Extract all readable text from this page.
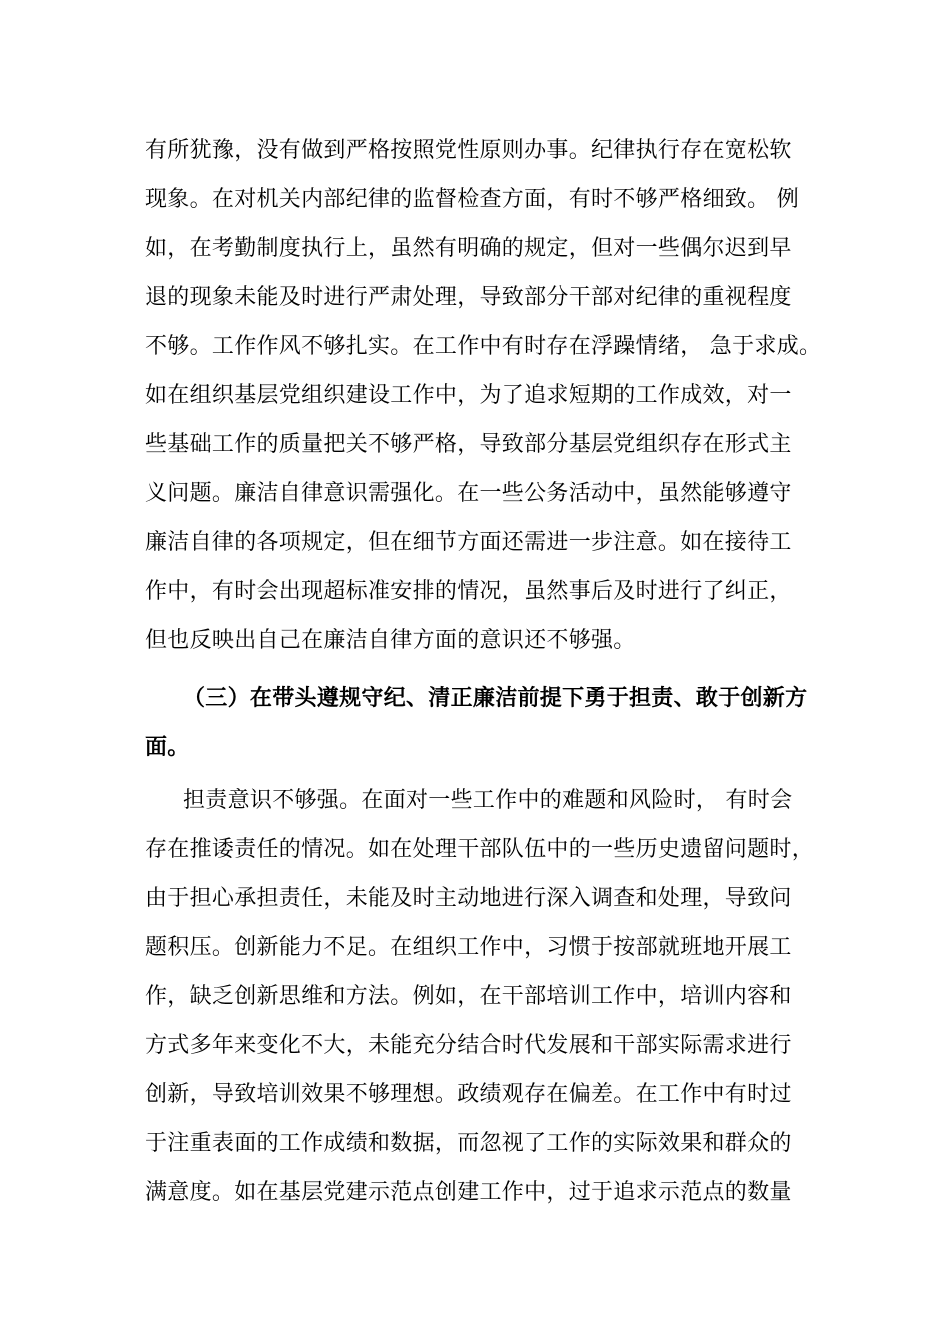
有所犹豫，没有做到严格按照党性原则办事。纪律执行存在宽松软
现象。在对机关内部纪律的监督检查方面，有时不够严格细致。 例
如，在考勤制度执行上，虽然有明确的规定，但对一些偶尔迟到早
退的现象未能及时进行严肃处理，导致部分干部对纪律的重视程度
不够。工作作风不够扎实。在工作中有时存在浮躁情绪， 急于求成。
如在组织基层党组织建设工作中，为了追求短期的工作成效，对一
些基础工作的质量把关不够严格，导致部分基层党组织存在形式主
义问题。廉洁自律意识需强化。在一些公务活动中，虽然能够遵守
廉洁自律的各项规定，但在细节方面还需进一步注意。如在接待工
作中，有时会出现超标准安排的情况，虽然事后及时进行了纠正，
但也反映出自己在廉洁自律方面的意识还不够强。
（三）在带头遵规守纪、清正廉洁前提下勇于担责、敢于创新方
面。
担责意识不够强。在面对一些工作中的难题和风险时， 有时会
存在推诿责任的情况。如在处理干部队伍中的一些历史遗留问题时，
由于担心承担责任，未能及时主动地进行深入调查和处理，导致问
题积压。创新能力不足。在组织工作中，习惯于按部就班地开展工
作，缺乏创新思维和方法。例如，在干部培训工作中，培训内容和
方式多年来变化不大，未能充分结合时代发展和干部实际需求进行
创新，导致培训效果不够理想。政绩观存在偏差。在工作中有时过
于注重表面的工作成绩和数据，而忽视了工作的实际效果和群众的
满意度。如在基层党建示范点创建工作中，过于追求示范点的数量
